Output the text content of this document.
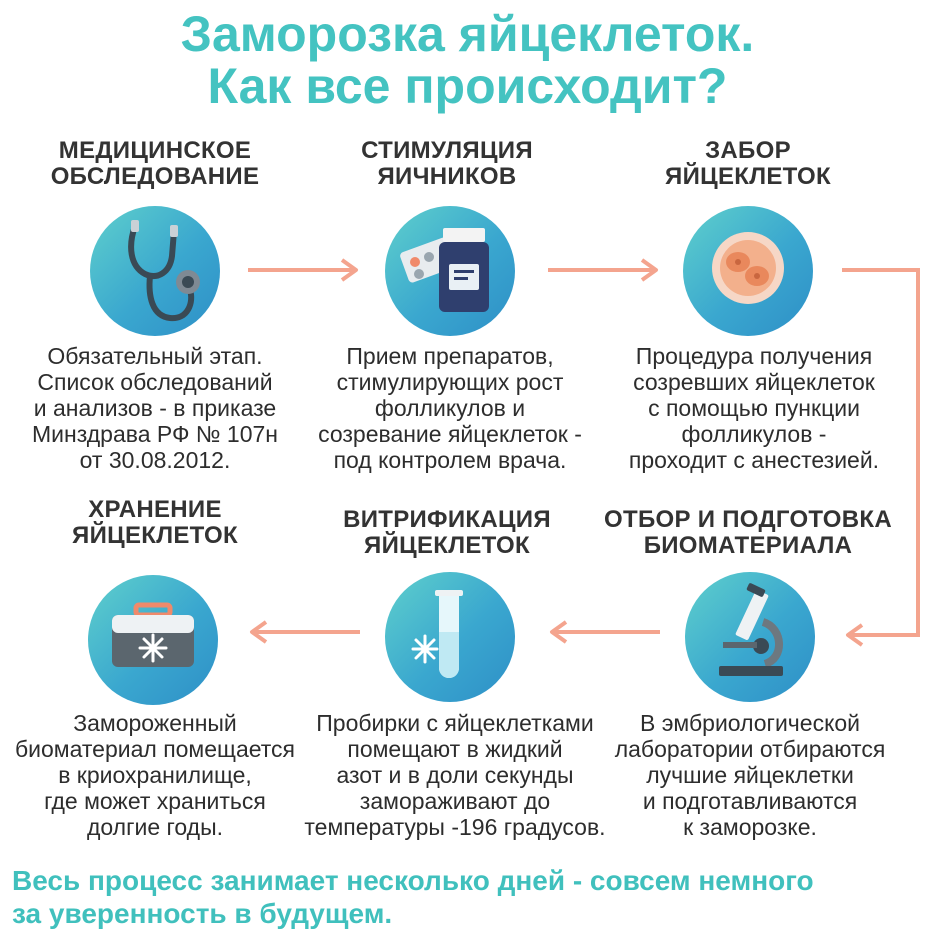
Заморозка яйцеклеток.
Как все происходит?
МЕДИЦИНСКОЕ
ОБСЛЕДОВАНИЕ
Обязательный этап.
Список обследований
и анализов - в приказе
Минздрава РФ № 107н
от 30.08.2012.
СТИМУЛЯЦИЯ
ЯИЧНИКОВ
Прием препаратов,
стимулирующих рост
фолликулов и
созревание яйцеклеток -
под контролем врача.
ЗАБОР
ЯЙЦЕКЛЕТОК
Процедура получения
созревших яйцеклеток
с помощью пункции
фолликулов -
проходит с анестезией.
ОТБОР И ПОДГОТОВКА
БИОМАТЕРИАЛА
В эмбриологической
лаборатории отбираются
лучшие яйцеклетки
и подготавливаются
к заморозке.
ВИТРИФИКАЦИЯ
ЯЙЦЕКЛЕТОК
Пробирки с яйцеклетками
помещают в жидкий
азот и в доли секунды
замораживают до
температуры -196 градусов.
ХРАНЕНИЕ
ЯЙЦЕКЛЕТОК
Замороженный
биоматериал помещается
в криохранилище,
где может храниться
долгие годы.
Весь процесс занимает несколько дней - совсем немного
за уверенность в будущем.
